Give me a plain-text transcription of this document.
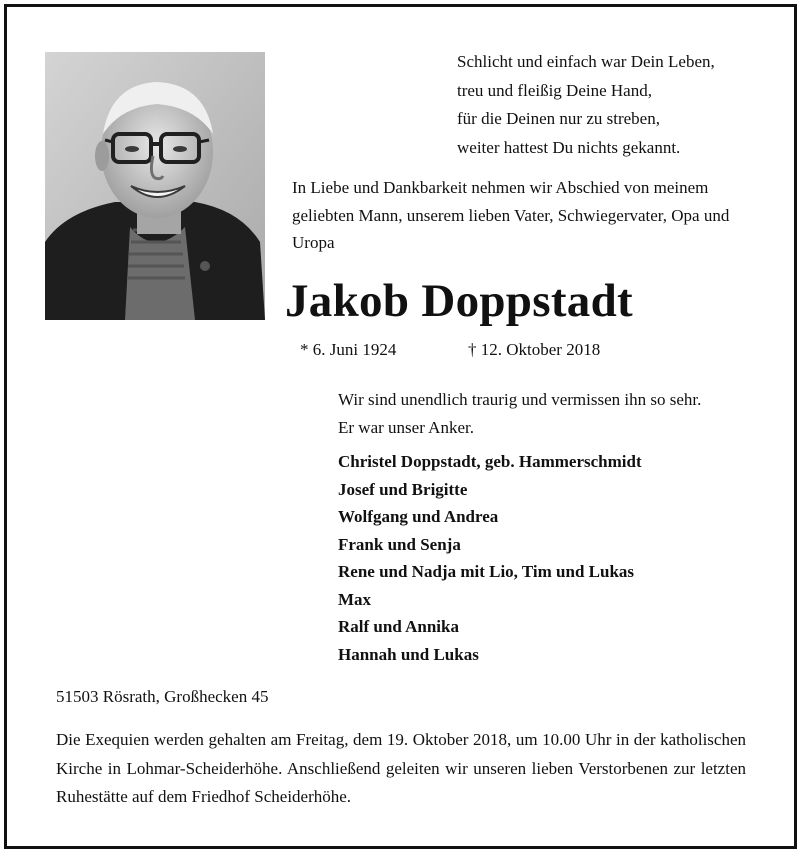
Schlicht und einfach war Dein Leben,
treu und fleißig Deine Hand,
für die Deinen nur zu streben,
weiter hattest Du nichts gekannt.
In Liebe und Dankbarkeit nehmen wir Abschied von meinem geliebten Mann, unserem lieben Vater, Schwiegervater, Opa und Uropa
Jakob Doppstadt
* 6. Juni 1924	† 12. Oktober 2018
Wir sind unendlich traurig und vermissen ihn so sehr.
Er war unser Anker.
Christel Doppstadt, geb. Hammerschmidt
Josef und Brigitte
Wolfgang und Andrea
Frank und Senja
Rene und Nadja mit Lio, Tim und Lukas
Max
Ralf und Annika
Hannah und Lukas
51503 Rösrath, Großhecken 45
Die Exequien werden gehalten am Freitag, dem 19. Oktober 2018, um 10.00 Uhr in der katholischen Kirche in Lohmar-Scheiderhöhe. Anschließend geleiten wir unseren lieben Verstorbenen zur letzten Ruhestätte auf dem Friedhof Scheiderhöhe.
